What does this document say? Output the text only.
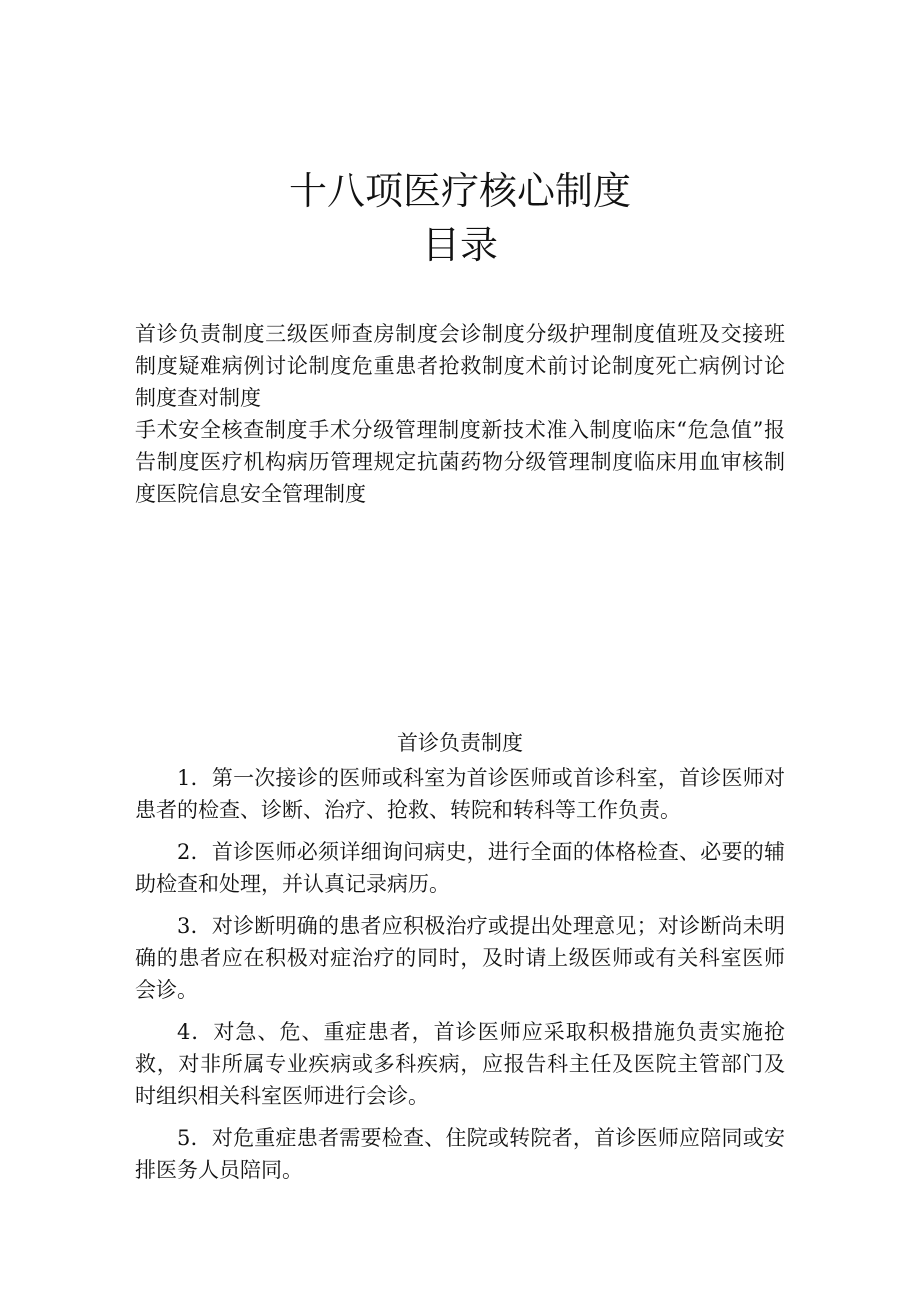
十八项医疗核心制度
目录

首诊负责制度三级医师查房制度会诊制度分级护理制度值班及交接班制度疑难病例讨论制度危重患者抢救制度术前讨论制度死亡病例讨论制度查对制度

手术安全核查制度手术分级管理制度新技术准入制度临床“危急值”报告制度医疗机构病历管理规定抗菌药物分级管理制度临床用血审核制度医院信息安全管理制度

首诊负责制度

1．第一次接诊的医师或科室为首诊医师或首诊科室，首诊医师对患者的检查、诊断、治疗、抢救、转院和转科等工作负责。

2．首诊医师必须详细询问病史，进行全面的体格检查、必要的辅助检查和处理，并认真记录病历。

3．对诊断明确的患者应积极治疗或提出处理意见；对诊断尚未明确的患者应在积极对症治疗的同时，及时请上级医师或有关科室医师会诊。

4．对急、危、重症患者，首诊医师应采取积极措施负责实施抢救，对非所属专业疾病或多科疾病，应报告科主任及医院主管部门及时组织相关科室医师进行会诊。

5．对危重症患者需要检查、住院或转院者，首诊医师应陪同或安排医务人员陪同。
